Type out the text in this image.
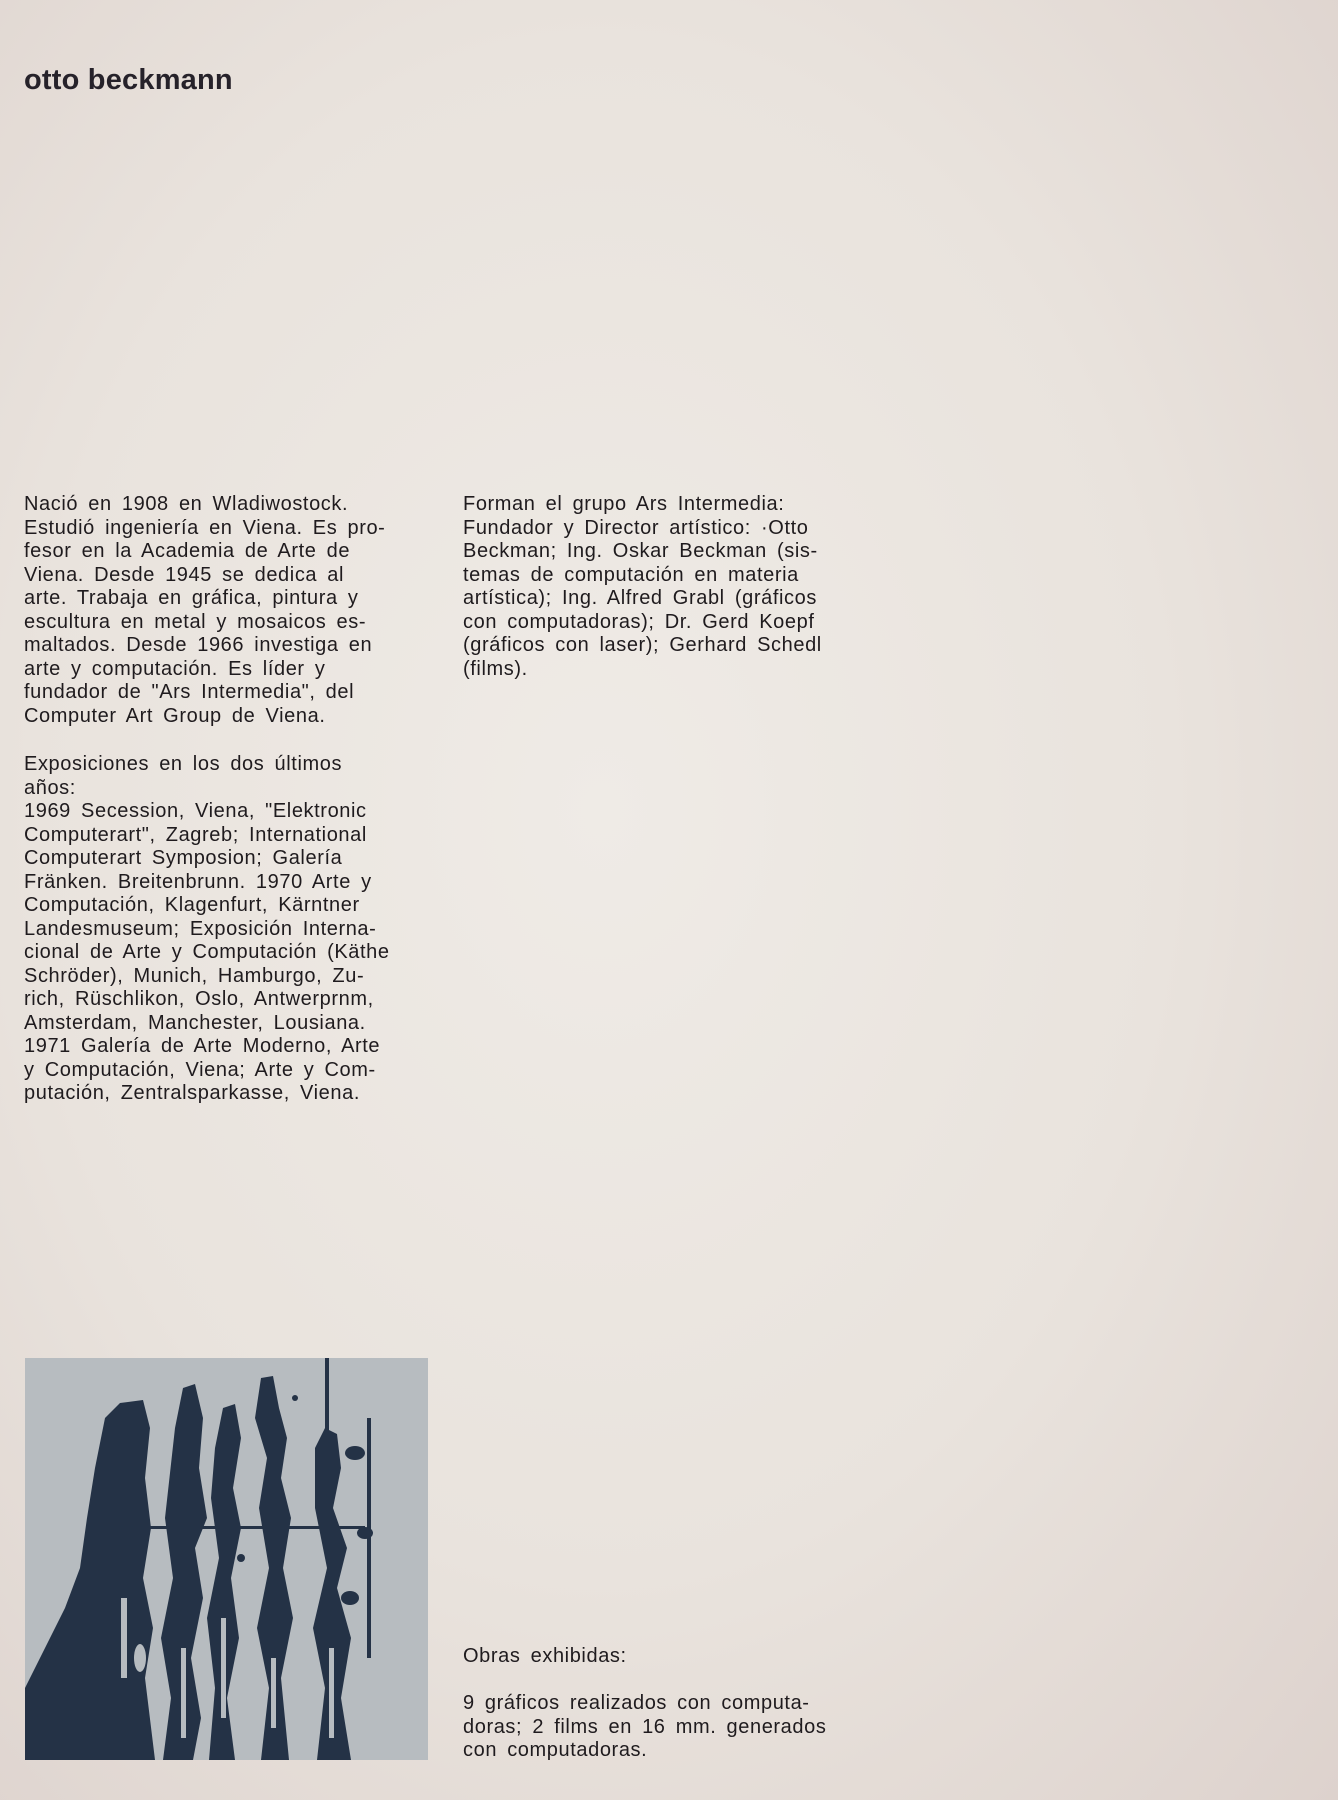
otto beckmann

Nació en 1908 en Wladiwostock.
Estudió ingeniería en Viena. Es pro-
fesor en la Academia de Arte de
Viena. Desde 1945 se dedica al
arte. Trabaja en gráfica, pintura y
escultura en metal y mosaicos es-
maltados. Desde 1966 investiga en
arte y computación. Es líder y
fundador de "Ars Intermedia", del
Computer Art Group de Viena.

Exposiciones en los dos últimos
años:
1969 Secession, Viena, "Elektronic
Computerart", Zagreb; International
Computerart Symposion; Galería
Fränken. Breitenbrunn. 1970 Arte y
Computación, Klagenfurt, Kärntner
Landesmuseum; Exposición Interna-
cional de Arte y Computación (Käthe
Schröder), Munich, Hamburgo, Zu-
rich, Rüschlikon, Oslo, Antwerprnm,
Amsterdam, Manchester, Lousiana.
1971 Galería de Arte Moderno, Arte
y Computación, Viena; Arte y Com-
putación, Zentralsparkasse, Viena.

Forman el grupo Ars Intermedia:
Fundador y Director artístico: ·Otto
Beckman; Ing. Oskar Beckman (sis-
temas de computación en materia
artística); Ing. Alfred Grabl (gráficos
con computadoras); Dr. Gerd Koepf
(gráficos con laser); Gerhard Schedl
(films).

Obras exhibidas:

9 gráficos realizados con computa-
doras; 2 films en 16 mm. generados
con computadoras.
